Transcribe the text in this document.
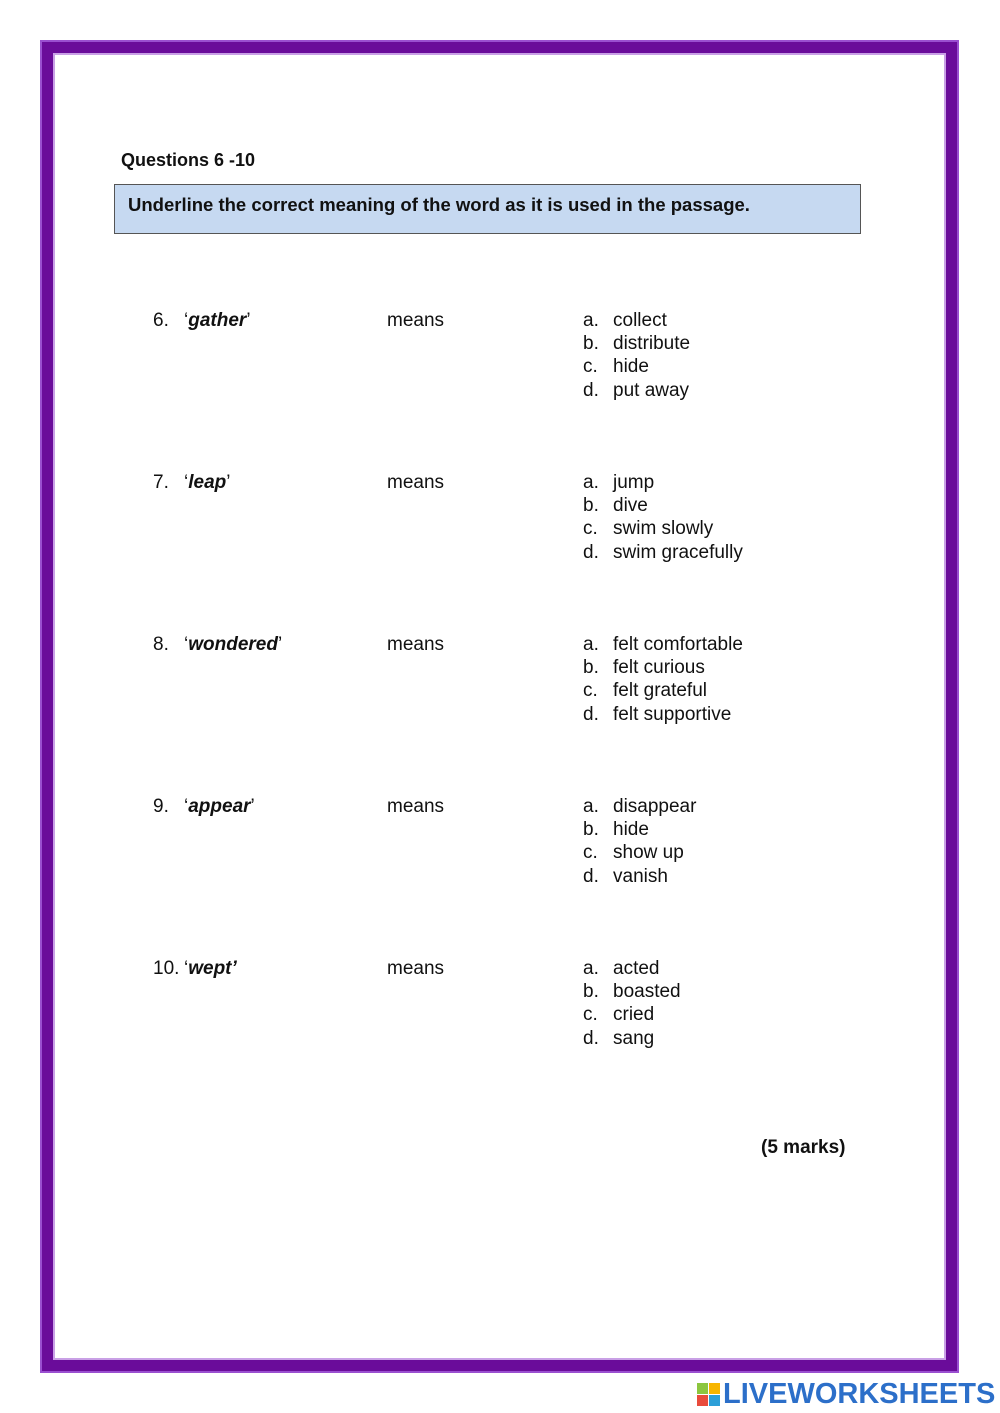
Questions 6 -10
Underline the correct meaning of the word as it is used in the passage.
6. ‘gather’	means	a. collect
b. distribute
c. hide
d. put away
7. ‘leap’	means	a. jump
b. dive
c. swim slowly
d. swim gracefully
8. ‘wondered’	means	a. felt comfortable
b. felt curious
c. felt grateful
d. felt supportive
9. ‘appear’	means	a. disappear
b. hide
c. show up
d. vanish
10. ‘wept’	means	a. acted
b. boasted
c. cried
d. sang
(5 marks)
LIVEWORKSHEETS
